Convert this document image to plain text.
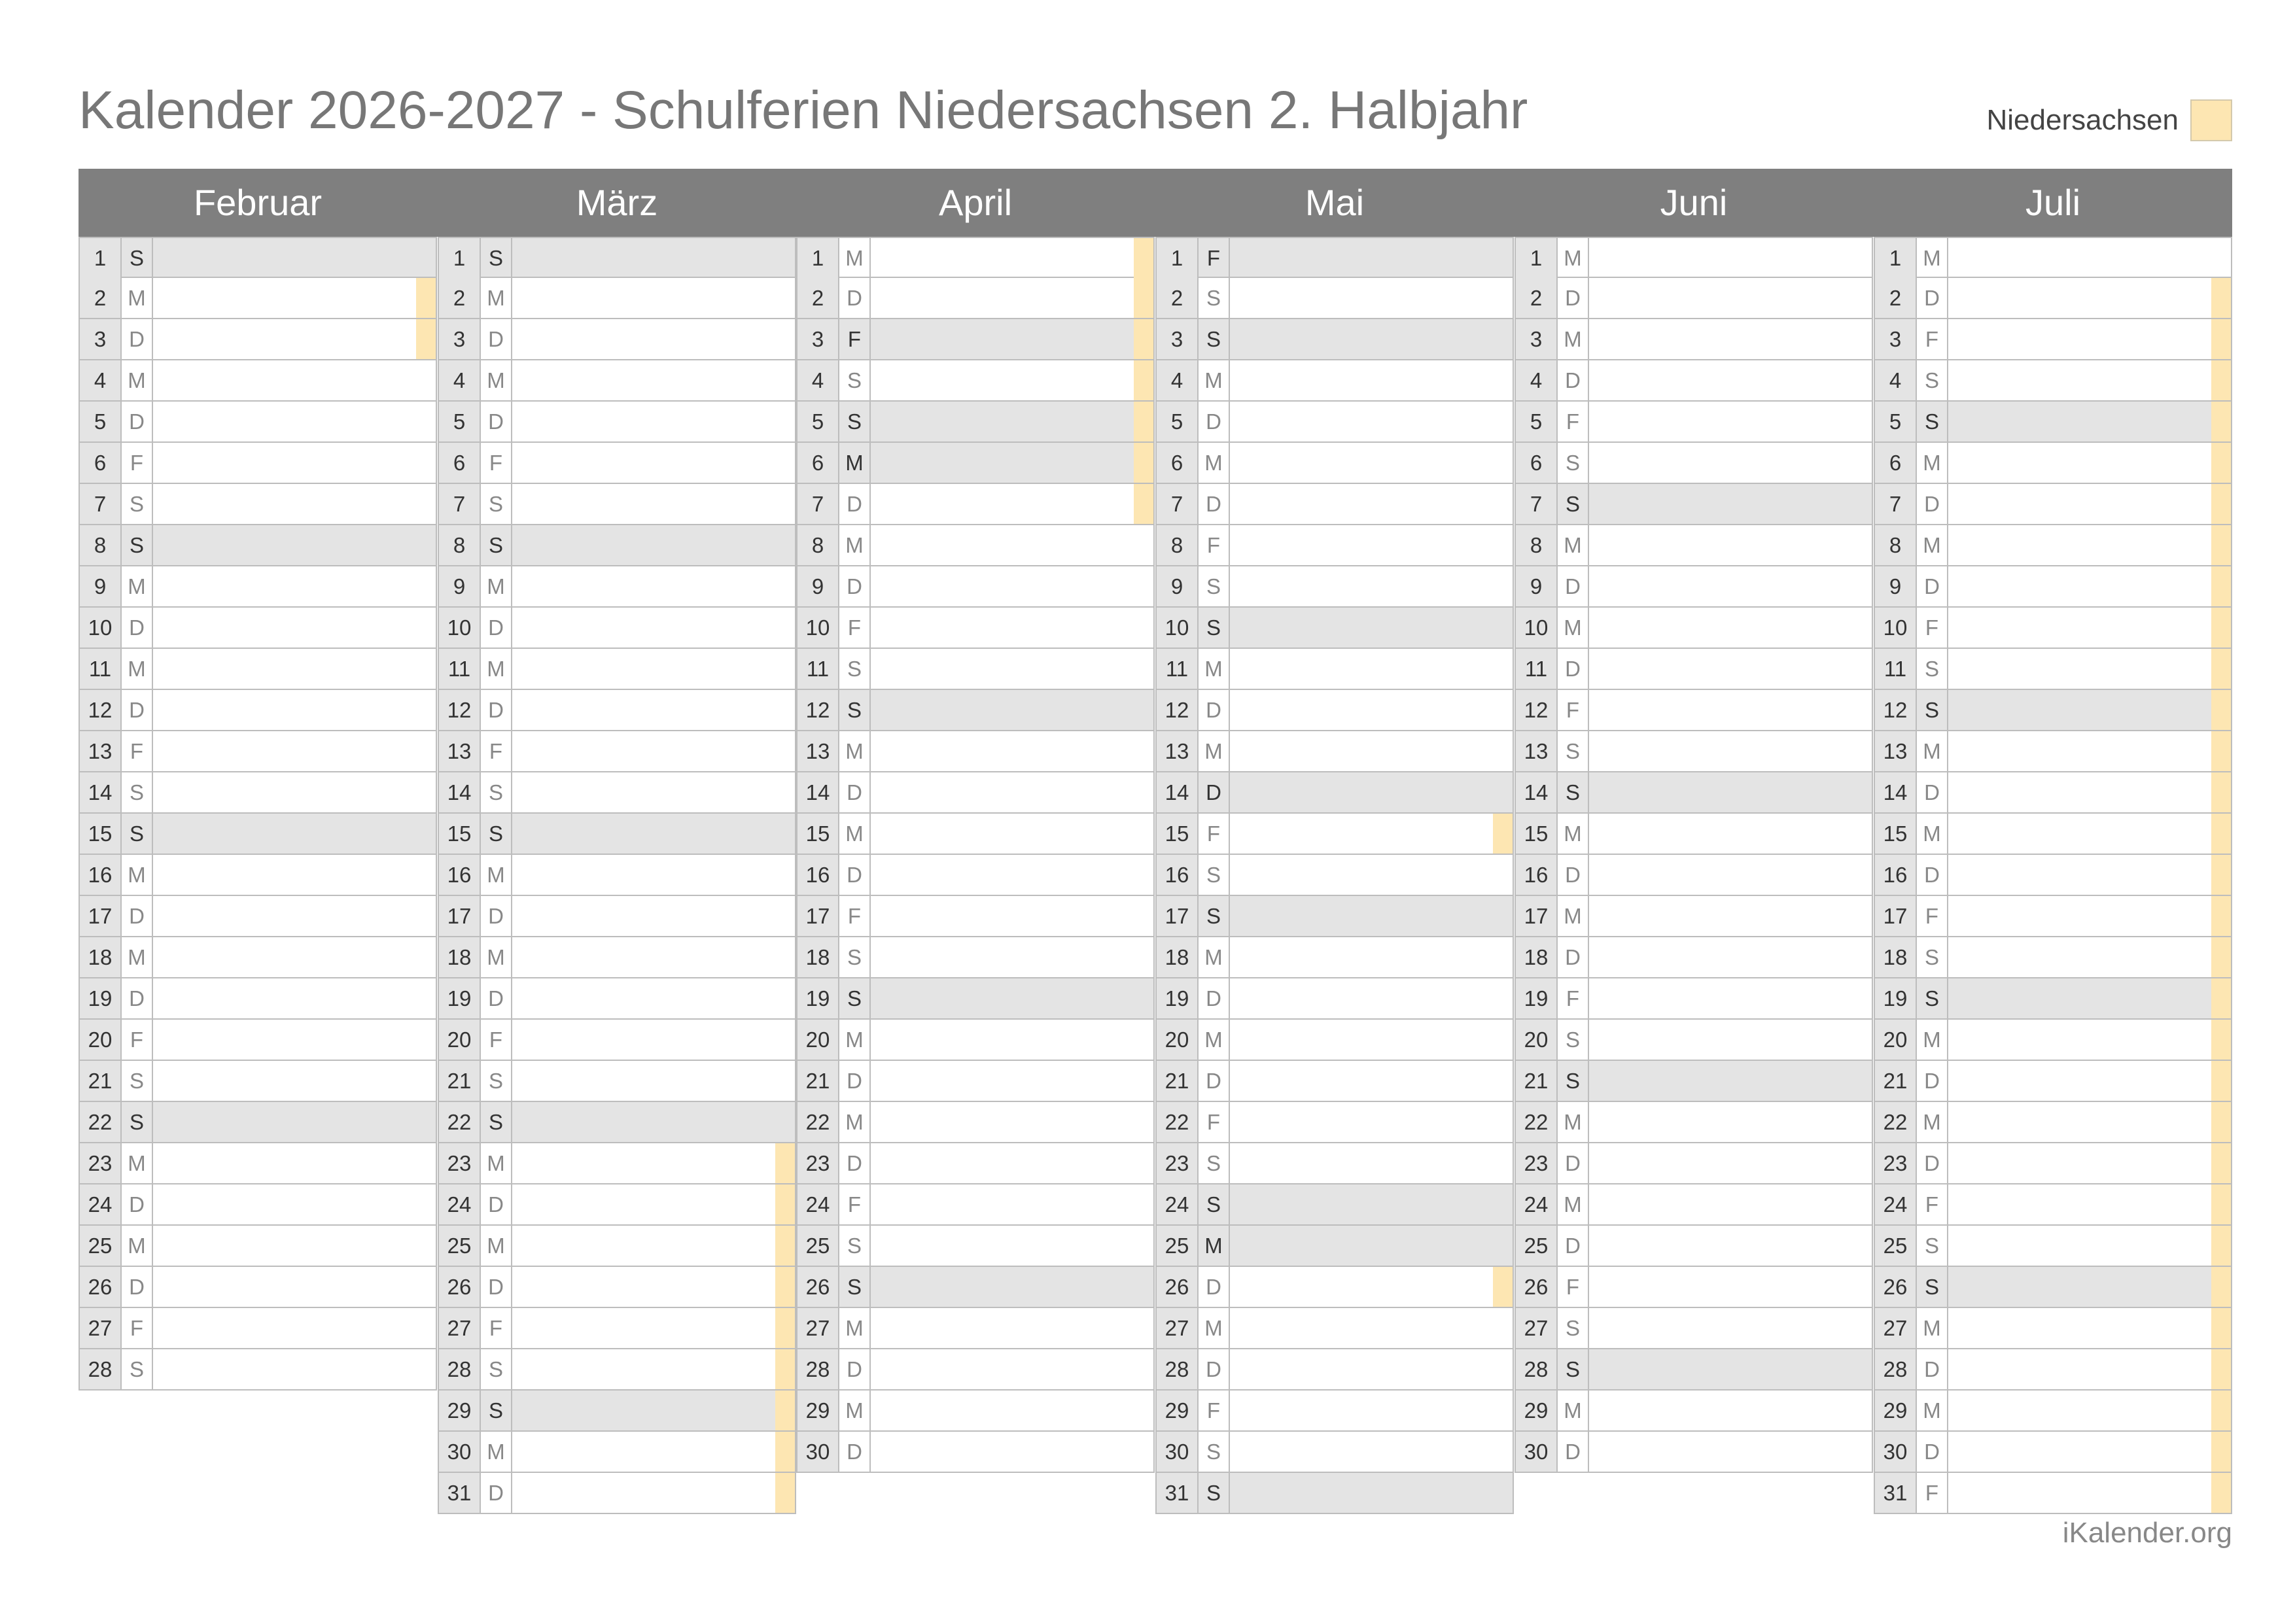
Kalender 2026-2027 - Schulferien Niedersachsen 2. Halbjahr	Niedersachsen
Februar	März	April	Mai	Juni	Juli
1	S
2	M
3	D
4	M
5	D
6	F
7	S
8	S
9	M
10 D
11 M
12 D
13 F
14 S
15 S
16 M
17 D
18 M
19 D
20 F
21 S
22 S
23 M
24 D
25 M
26 D
27 F
28 S
1	S
2	M
3	D
4	M
5	D
6	F
7	S
8	S
9	M
10 D
11 M
12 D
13 F
14 S
15 S
16 M
17 D
18 M
19 D
20 F
21 S
22 S
23 M
24 D
25 M
26 D
27 F
28 S
29 S
30 M
31 D
1	M
2	D
3	F
4	S
5	S
6	M
7	D
8	M
9	D
10 F
11 S
12 S
13 M
14 D
15 M
16 D
17 F
18 S
19 S
20 M
21 D
22 M
23 D
24 F
25 S
26 S
27 M
28 D
29 M
30 D
1	F
2	S
3	S
4	M
5	D
6	M
7	D
8	F
9	S
10 S
11 M
12 D
13 M
14 D
15 F
16 S
17 S
18 M
19 D
20 M
21 D
22 F
23 S
24 S
25 M
26 D
27 M
28 D
29 F
30 S
31 S
1	M
2	D
3	M
4	D
5	F
6	S
7	S
8	M
9	D
10 M
11 D
12 F
13 S
14 S
15 M
16 D
17 M
18 D
19 F
20 S
21 S
22 M
23 D
24 M
25 D
26 F
27 S
28 S
29 M
30 D
1	M
2	D
3	F
4	S
5	S
6	M
7	D
8	M
9	D
10 F
11 S
12 S
13 M
14 D
15 M
16 D
17 F
18 S
19 S
20 M
21 D
22 M
23 D
24 F
25 S
26 S
27 M
28 D
29 M
30 D
31 F
iKalender.org
